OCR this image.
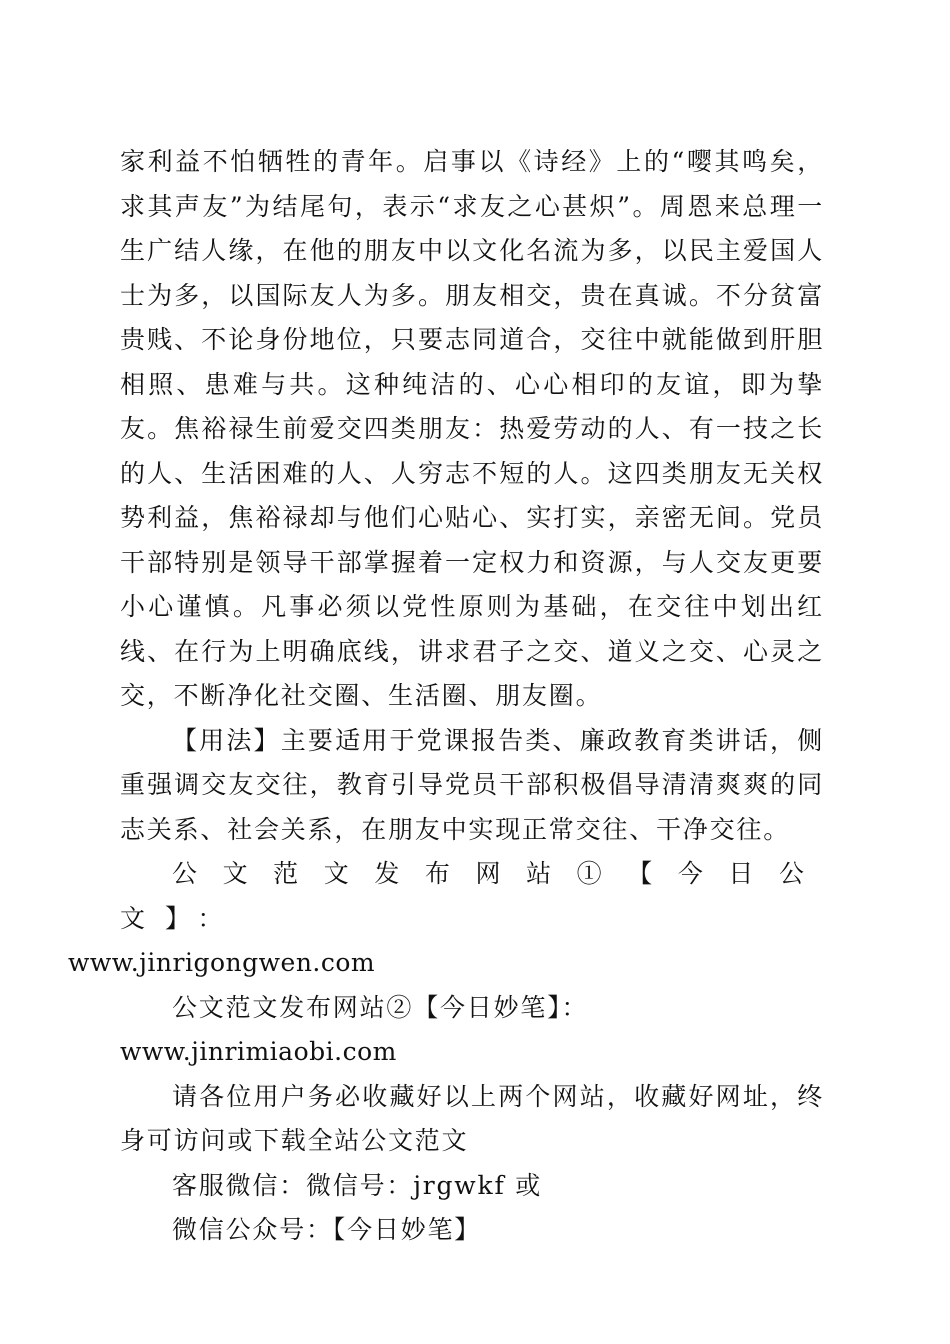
家利益不怕牺牲的青年。启事以《诗经》上的“嘤其鸣矣，求其声友”为结尾句，表示“求友之心甚炽”。周恩来总理一生广结人缘，在他的朋友中以文化名流为多，以民主爱国人士为多，以国际友人为多。朋友相交，贵在真诚。不分贫富贵贱、不论身份地位，只要志同道合，交往中就能做到肝胆相照、患难与共。这种纯洁的、心心相印的友谊，即为挚友。焦裕禄生前爱交四类朋友：热爱劳动的人、有一技之长的人、生活困难的人、人穷志不短的人。这四类朋友无关权势利益，焦裕禄却与他们心贴心、实打实，亲密无间。党员干部特别是领导干部掌握着一定权力和资源，与人交友更要小心谨慎。凡事必须以党性原则为基础，在交往中划出红线、在行为上明确底线，讲求君子之交、道义之交、心灵之交，不断净化社交圈、生活圈、朋友圈。

【用法】主要适用于党课报告类、廉政教育类讲话，侧重强调交友交往，教育引导党员干部积极倡导清清爽爽的同志关系、社会关系，在朋友中实现正常交往、干净交往。

公文范文发布网站①【今日公文】：
www.jinrigongwen.com

公文范文发布网站②【今日妙笔】：www.jinrimiaobi.com

请各位用户务必收藏好以上两个网站，收藏好网址，终身可访问或下载全站公文范文

客服微信：微信号：jrgwkf 或

微信公众号：【今日妙笔】
